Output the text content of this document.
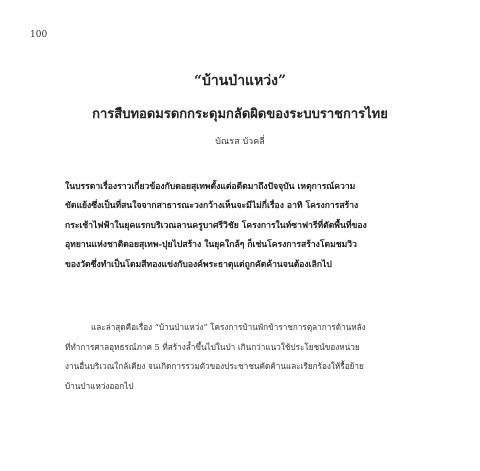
100
“บ้านป่าแหว่ง”
การสืบทอดมรดกกระดุมกลัดผิดของระบบราชการไทย
บัณรส บัวคลี่
ในบรรดาเรื่องราวเกี่ยวข้องกับดอยสุเทพตั้งแต่อดีตมาถึงปัจจุบัน เหตุการณ์ความ
ขัดแย้งซึ่งเป็นที่สนใจจากสาธารณะวงกว้างเห็นจะมีไม่กี่เรื่อง อาทิ โครงการสร้าง
กระเช้าไฟฟ้าในยุคแรกบริเวณลานครูบาศรีวิชัย โครงการในท์ซาฟารีที่ตัดพื้นที่ของ
อุทยานแห่งชาติดอยสุเทพ-ปุยไปสร้าง ในยุคใกล้ๆ ก็เช่นโครงการสร้างโดมชมวิว
ของวัดซึ่งทำเป็นโดมสีทองแข่งกับองค์พระธาตุแต่ถูกคัดค้านจนต้องเลิกไป
และล่าสุดคือเรื่อง “บ้านป่าแหว่ง” โครงการบ้านพักข้าราชการตุลาการด้านหลัง
ที่ทำการศาลอุทธรณ์ภาค 5 ที่สร้างล้ำขึ้นไปในป่า เกินกว่าแนวใช้ประโยชน์ของหน่วย
งานอื่นบริเวณใกล้เคียง จนเกิดการรวมตัวของประชาชนคัดค้านและเรียกร้องให้รื้อย้าย
บ้านป่าแหว่งออกไป
